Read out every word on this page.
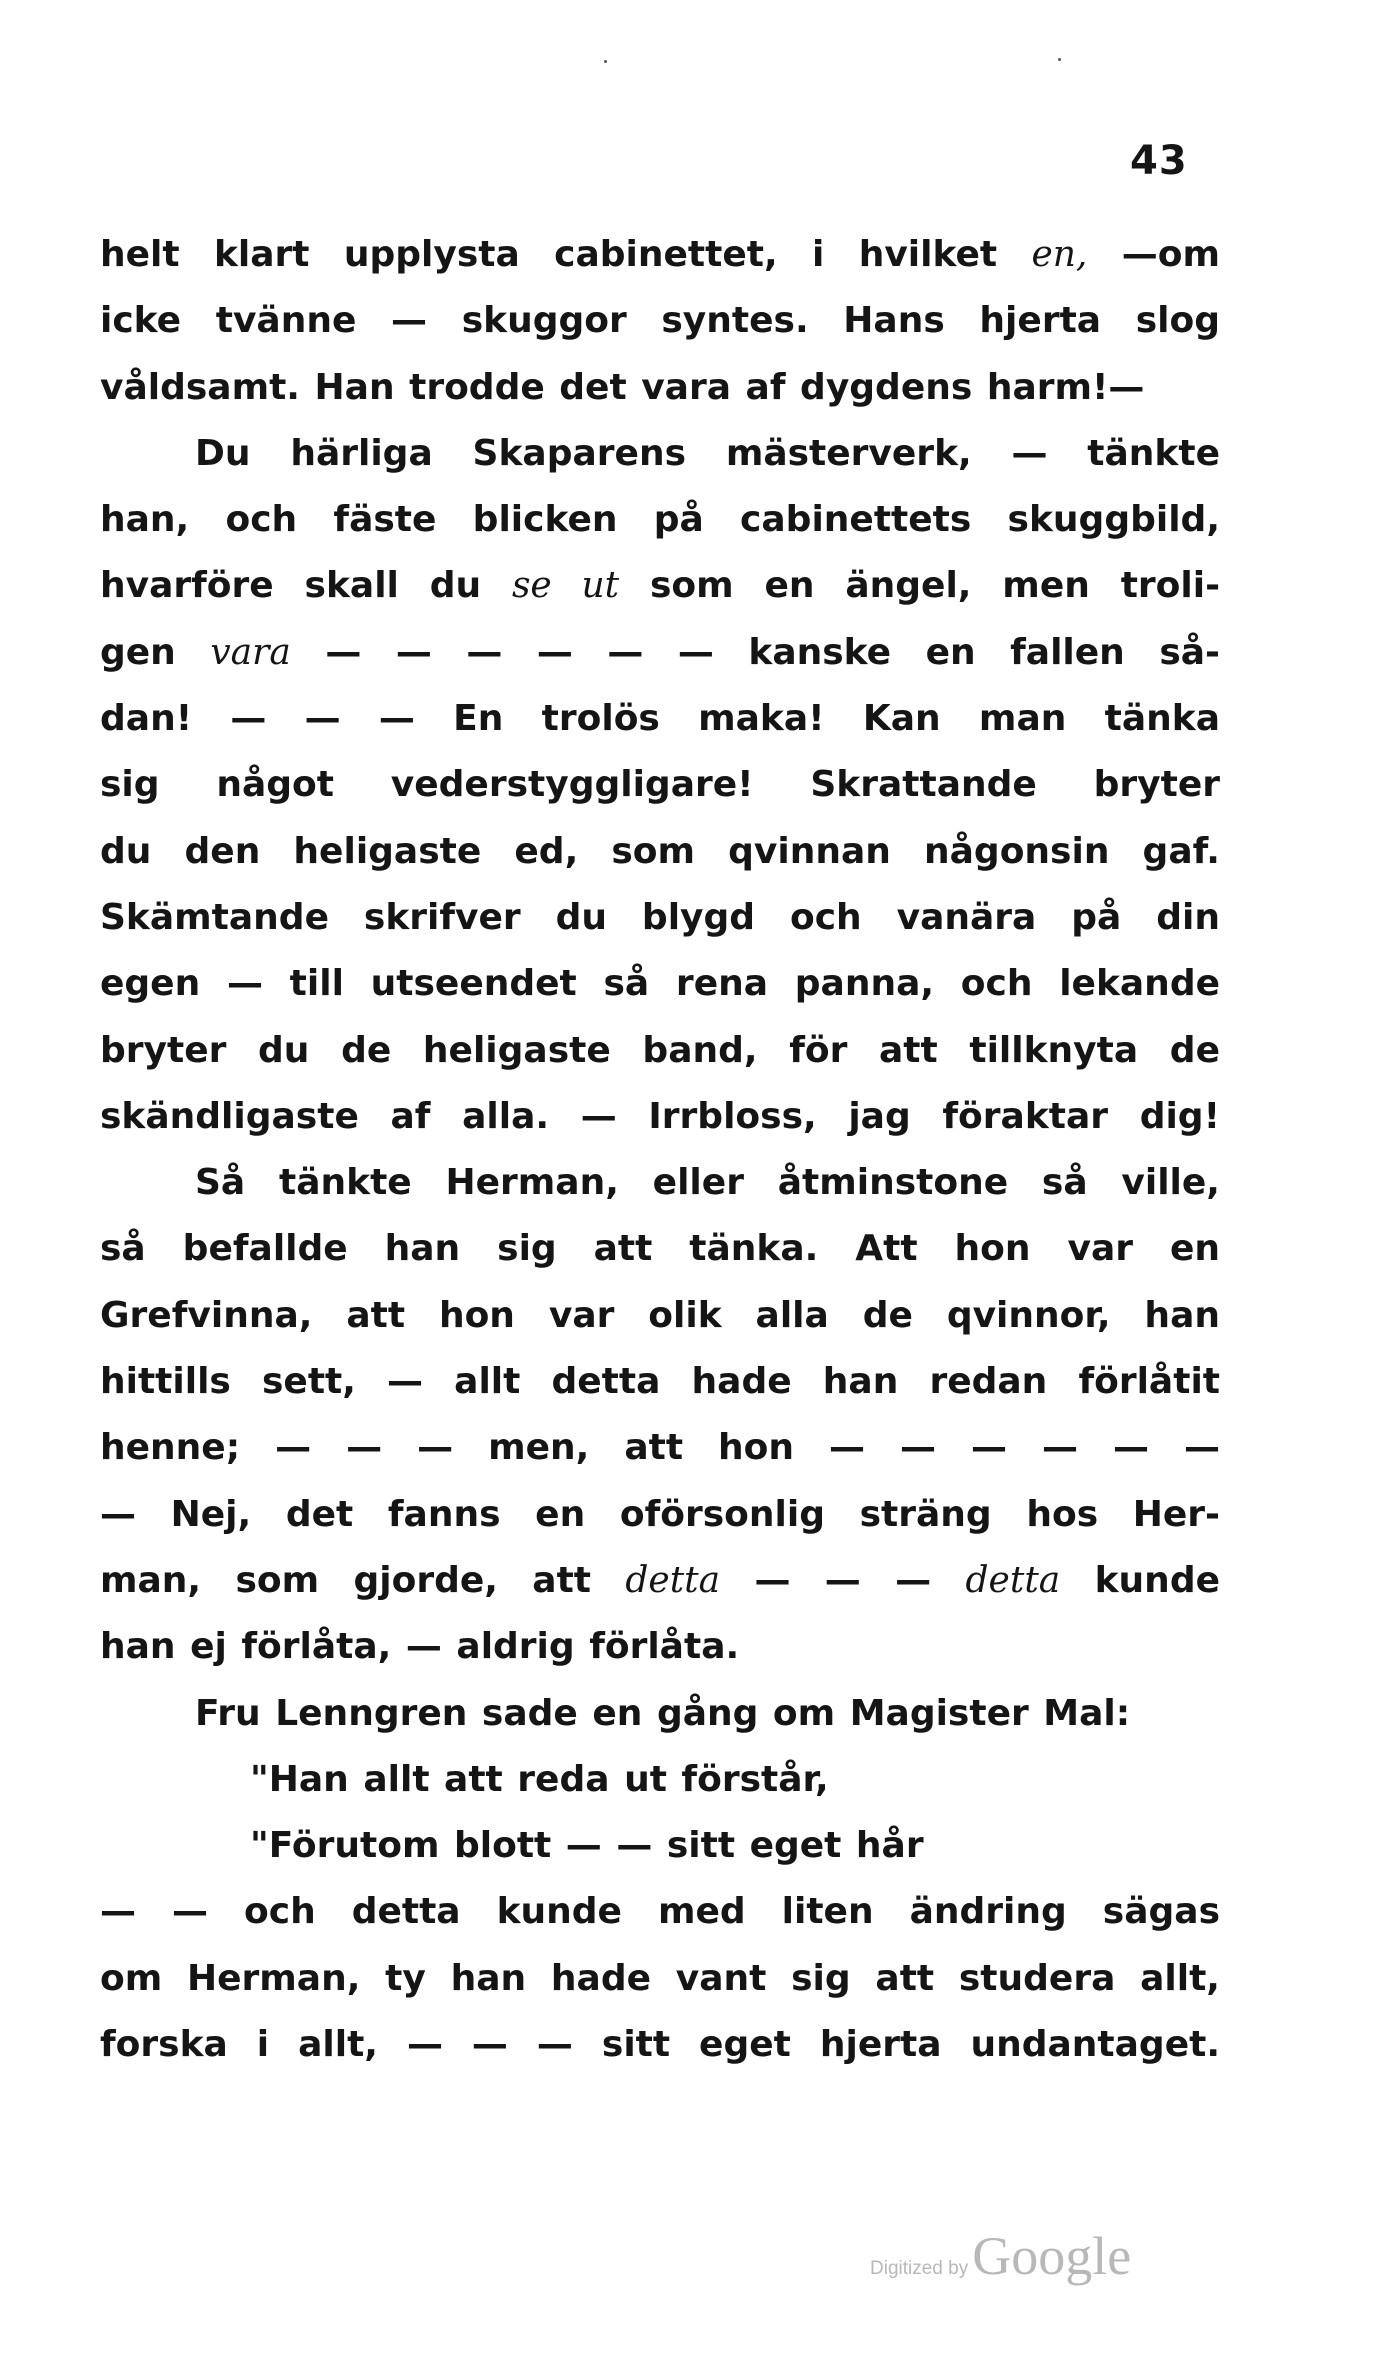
43
helt klart upplysta cabinettet, i hvilket en, —om
icke tvänne — skuggor syntes. Hans hjerta slog
våldsamt. Han trodde det vara af dygdens harm!—
Du härliga Skaparens mästerverk, — tänkte
han, och fäste blicken på cabinettets skuggbild,
hvarföre skall du se ut som en ängel, men troli-
gen vara — — — — — — kanske en fallen så-
dan! — — — En trolös maka! Kan man tänka
sig något vederstyggligare! Skrattande bryter
du den heligaste ed, som qvinnan någonsin gaf.
Skämtande skrifver du blygd och vanära på din
egen — till utseendet så rena panna, och lekande
bryter du de heligaste band, för att tillknyta de
skändligaste af alla. — Irrbloss, jag föraktar dig!
Så tänkte Herman, eller åtminstone så ville,
så befallde han sig att tänka. Att hon var en
Grefvinna, att hon var olik alla de qvinnor, han
hittills sett, — allt detta hade han redan förlåtit
henne; — — — men, att hon — — — — — —
— Nej, det fanns en oförsonlig sträng hos Her-
man, som gjorde, att detta — — — detta kunde
han ej förlåta, — aldrig förlåta.
Fru Lenngren sade en gång om Magister Mal:
"Han allt att reda ut förstår,
"Förutom blott — — sitt eget hår
— — och detta kunde med liten ändring sägas
om Herman, ty han hade vant sig att studera allt,
forska i allt, — — — sitt eget hjerta undantaget.
Digitized by Google
